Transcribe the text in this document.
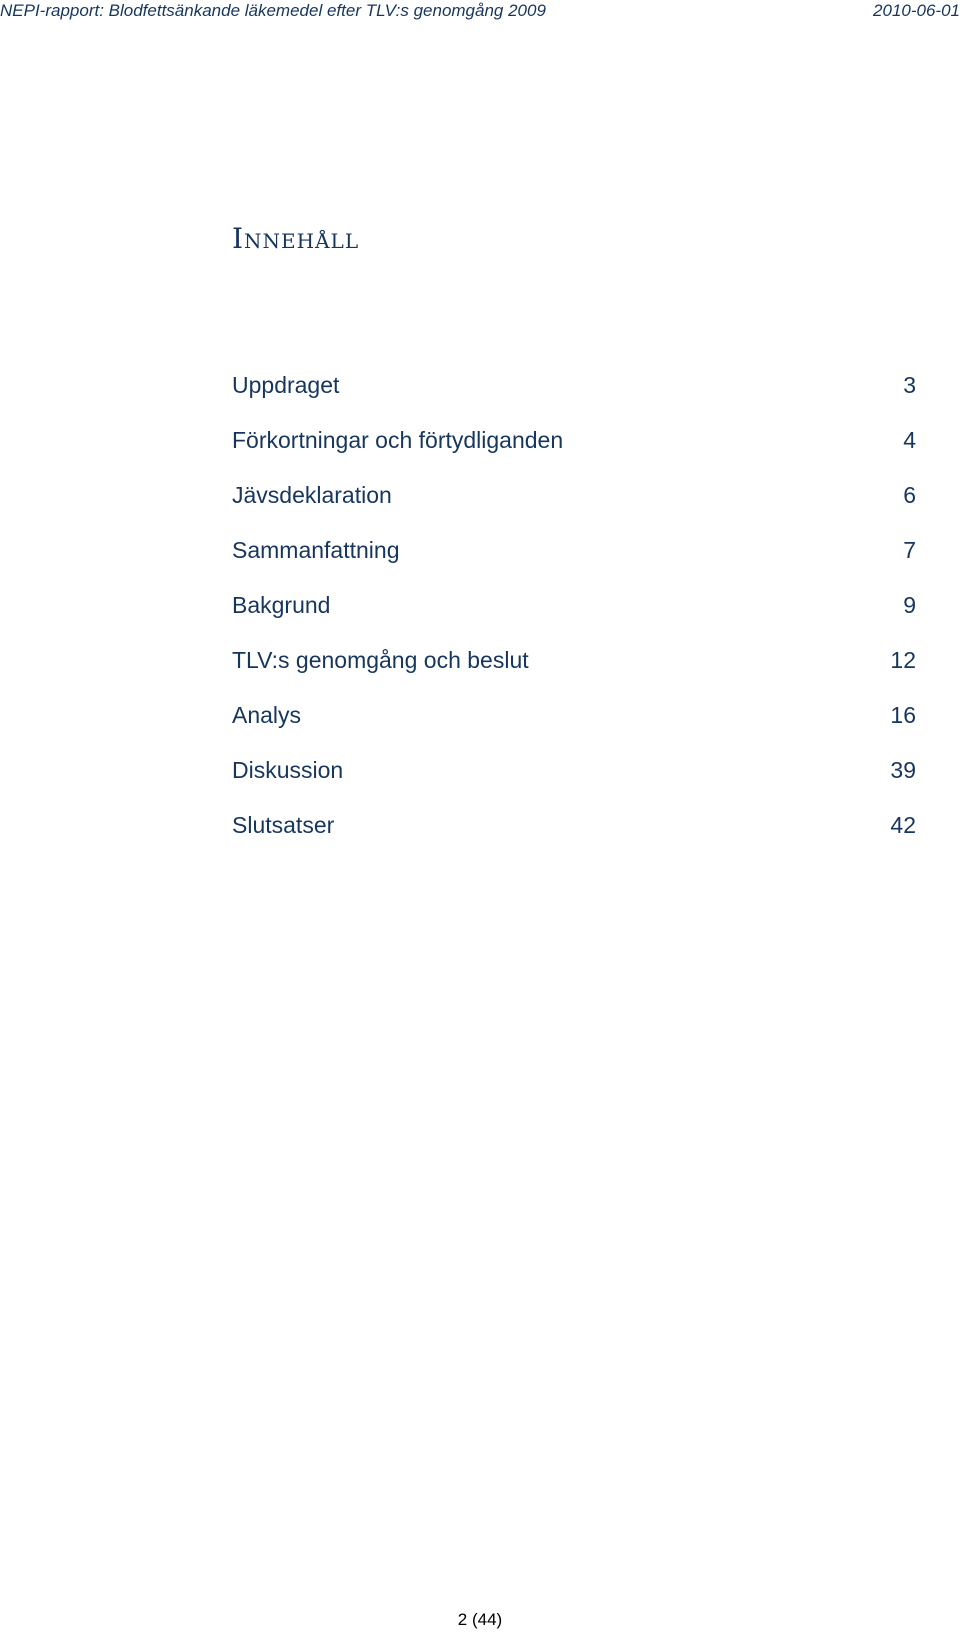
NEPI-rapport: Blodfettsänkande läkemedel efter TLV:s genomgång 2009	2010-06-01
Innehåll
Uppdraget	3
Förkortningar och förtydliganden	4
Jävsdeklaration	6
Sammanfattning	7
Bakgrund	9
TLV:s genomgång och beslut	12
Analys	16
Diskussion	39
Slutsatser	42
2 (44)
